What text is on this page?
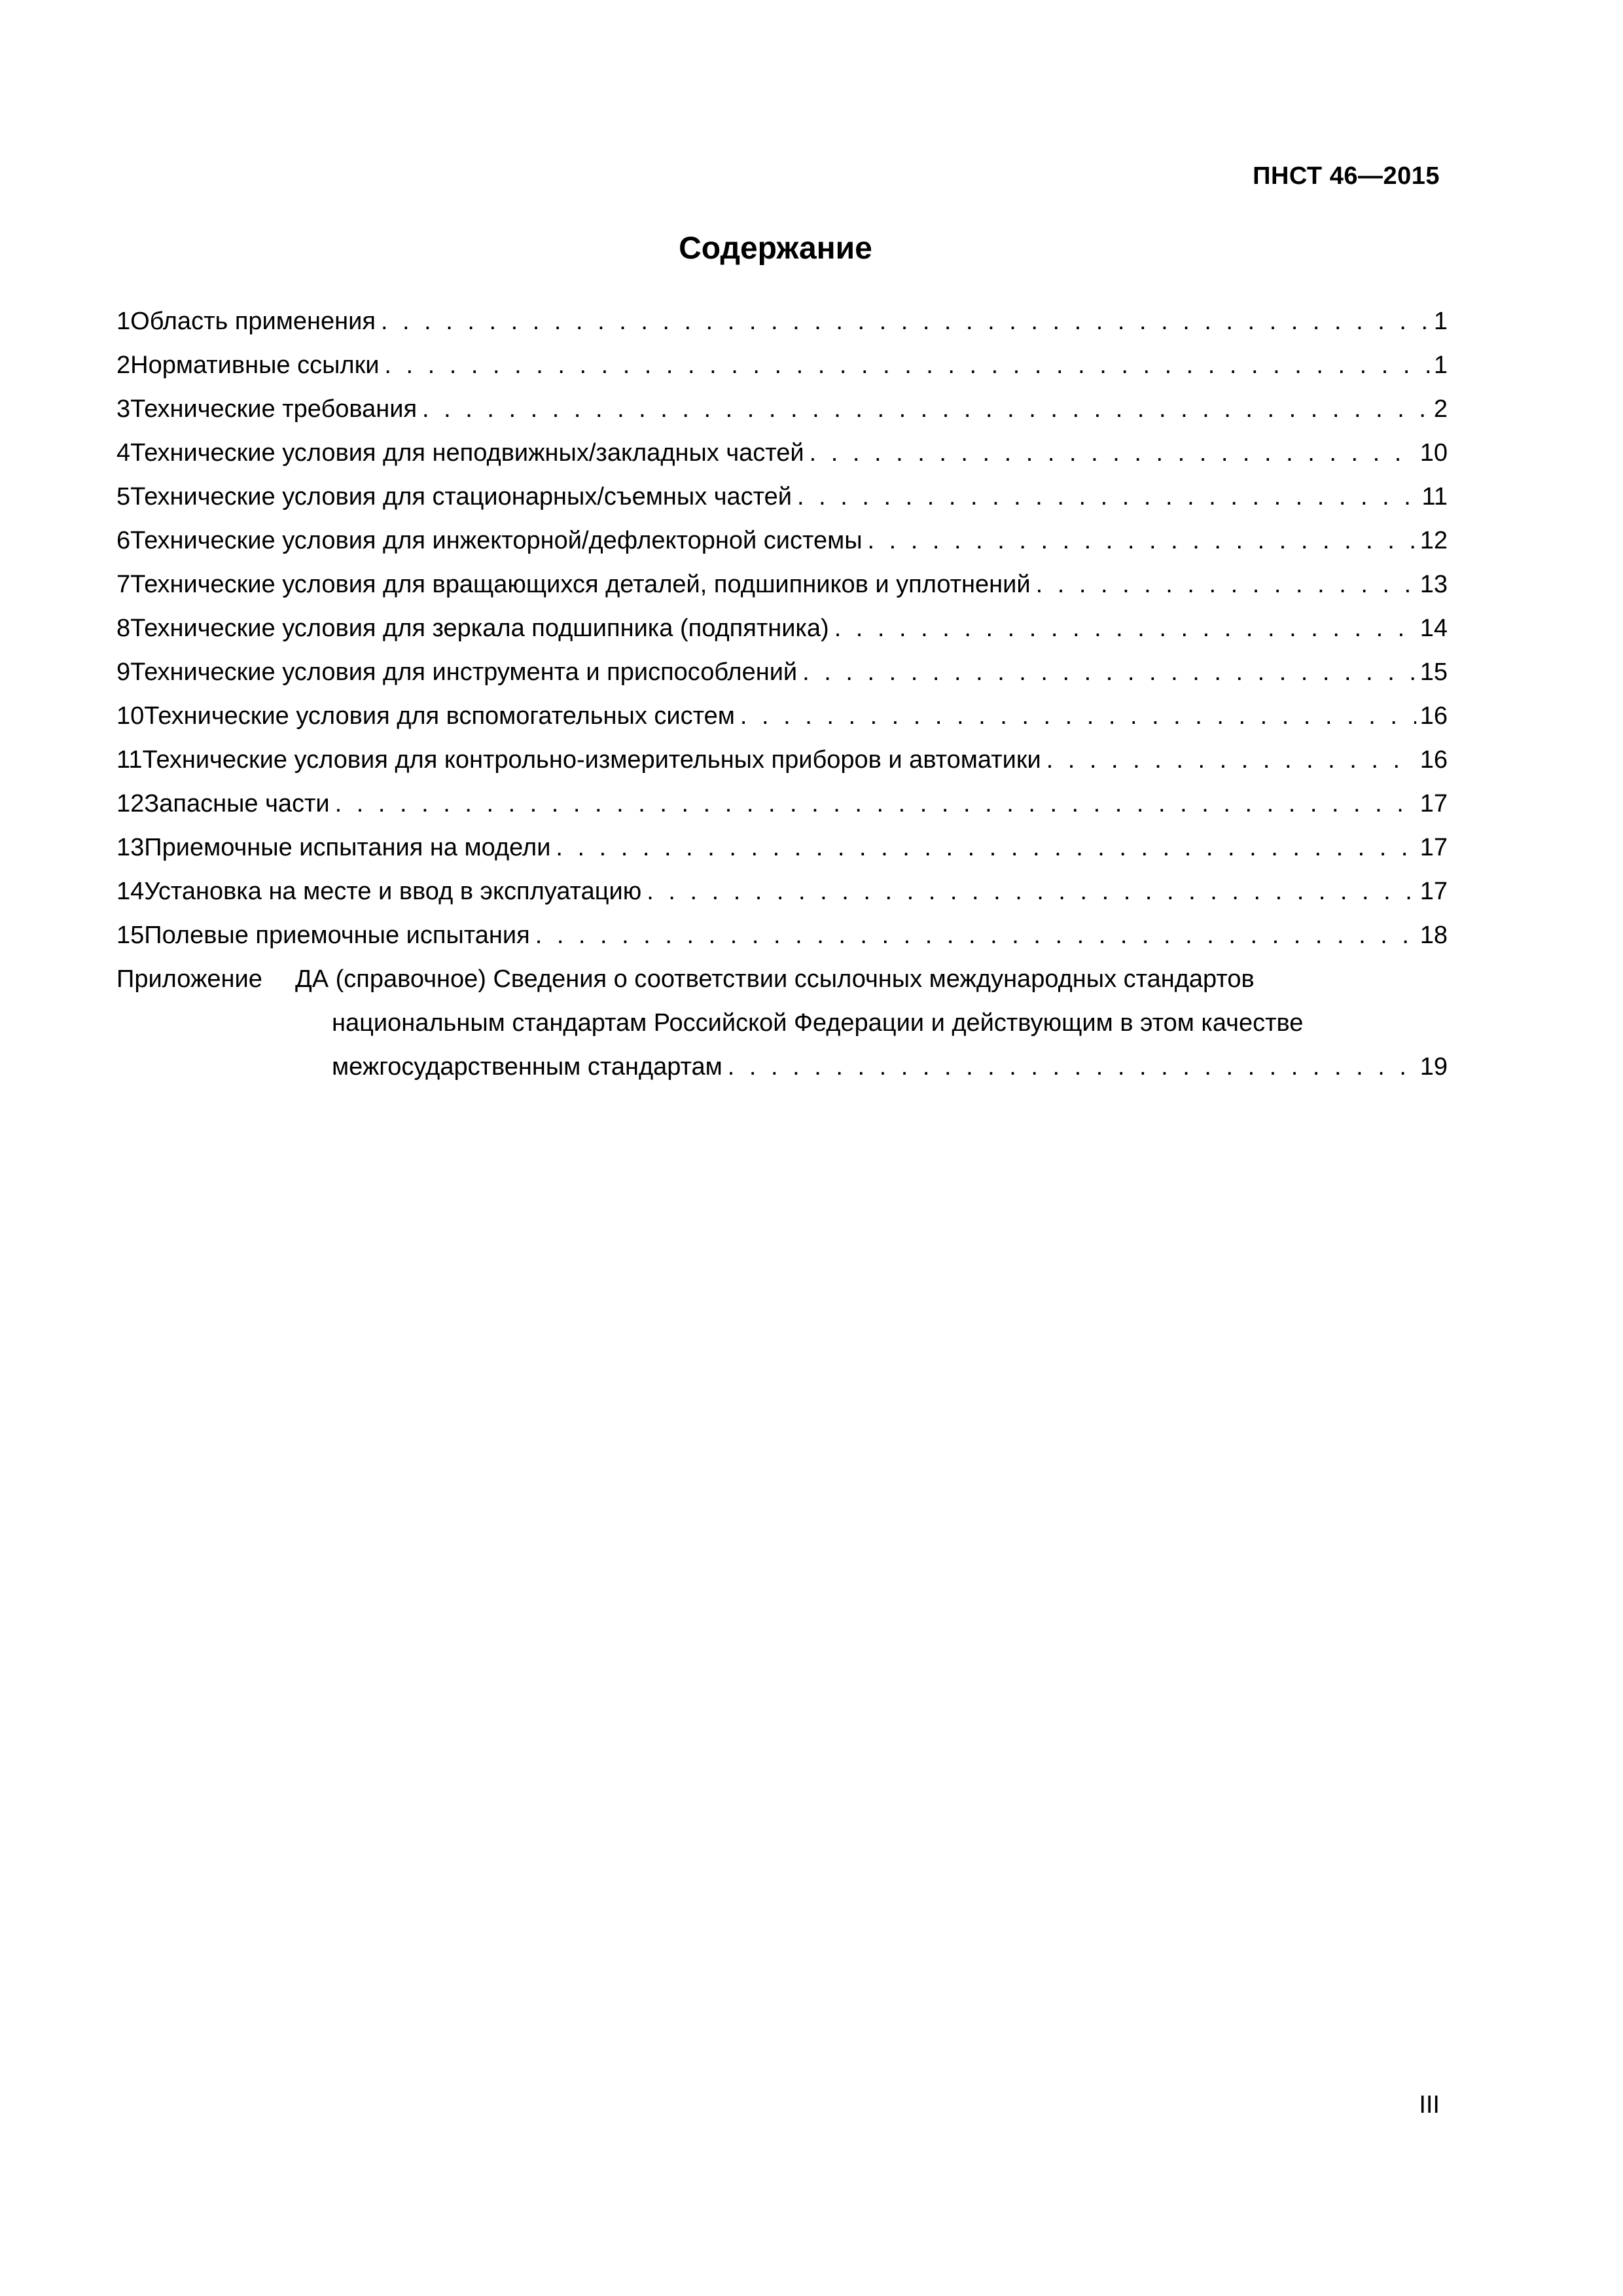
ПНСТ 46—2015
Содержание
1 Область применения . . .	1
2 Нормативные ссылки . . .	1
3 Технические требования . . .	2
4 Технические условия для неподвижных/закладных частей . . .	10
5 Технические условия для стационарных/съемных частей . . .	11
6 Технические условия для инжекторной/дефлекторной системы . . .	12
7 Технические условия для вращающихся деталей, подшипников и уплотнений . . .	13
8 Технические условия для зеркала подшипника (подпятника) . . .	14
9 Технические условия для инструмента и приспособлений . . .	15
10 Технические условия для вспомогательных систем . . .	16
11 Технические условия для контрольно-измерительных приборов и автоматики . . .	16
12 Запасные части . . .	17
13 Приемочные испытания на модели . . .	17
14 Установка на месте и ввод в эксплуатацию . . .	17
15 Полевые приемочные испытания . . .	18
Приложение	ДА (справочное) Сведения о соответствии ссылочных международных стандартов
национальным стандартам Российской Федерации и действующим в этом качестве
межгосударственным стандартам . . .	19
III
